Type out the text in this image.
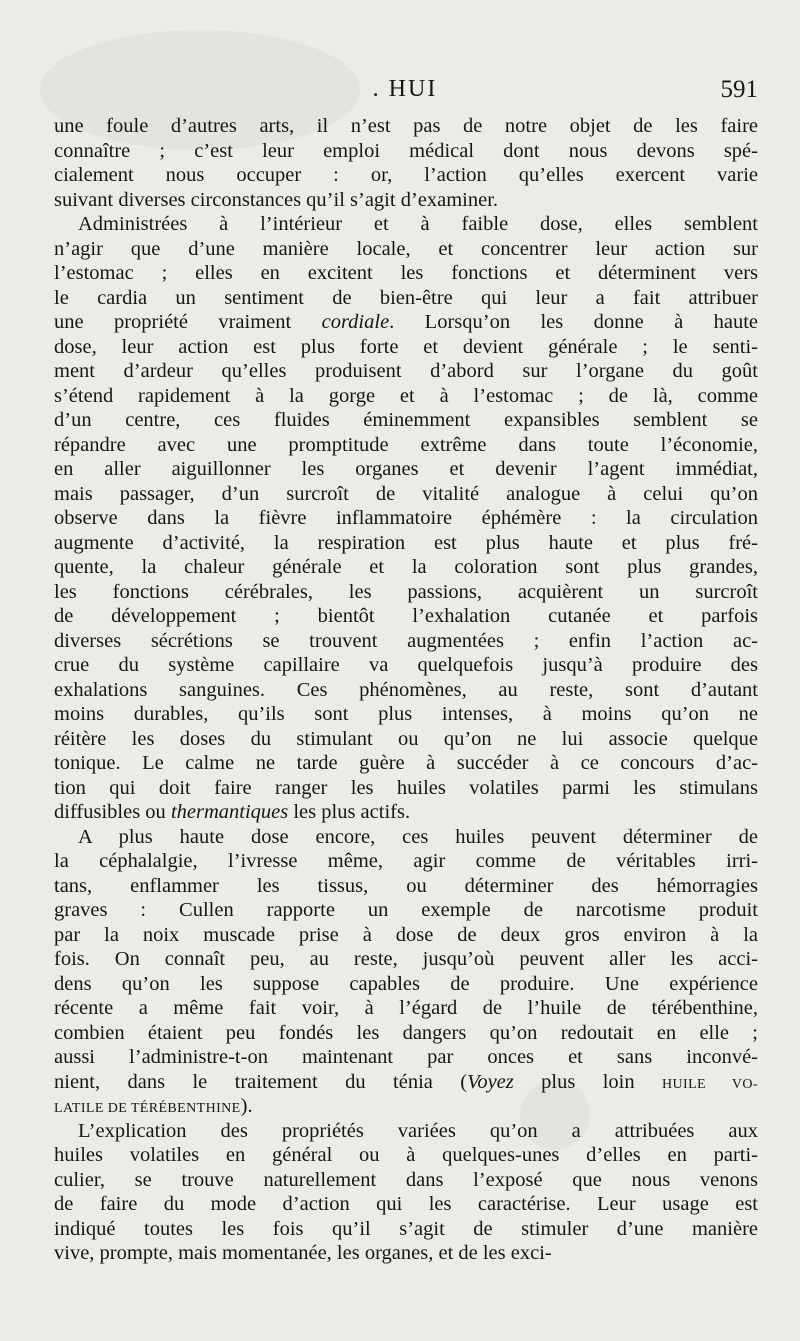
. HUI	591
une foule d’autres arts, il n’est pas de notre objet de les faire
connaître ; c’est leur emploi médical dont nous devons spé-
cialement nous occuper : or, l’action qu’elles exercent varie
suivant diverses circonstances qu’il s’agit d’examiner.
Administrées à l’intérieur et à faible dose, elles semblent
n’agir que d’une manière locale, et concentrer leur action sur
l’estomac ; elles en excitent les fonctions et déterminent vers
le cardia un sentiment de bien-être qui leur a fait attribuer
une propriété vraiment cordiale. Lorsqu’on les donne à haute
dose, leur action est plus forte et devient générale ; le senti-
ment d’ardeur qu’elles produisent d’abord sur l’organe du goût
s’étend rapidement à la gorge et à l’estomac ; de là, comme
d’un centre, ces fluides éminemment expansibles semblent se
répandre avec une promptitude extrême dans toute l’économie,
en aller aiguillonner les organes et devenir l’agent immédiat,
mais passager, d’un surcroît de vitalité analogue à celui qu’on
observe dans la fièvre inflammatoire éphémère : la circulation
augmente d’activité, la respiration est plus haute et plus fré-
quente, la chaleur générale et la coloration sont plus grandes,
les fonctions cérébrales, les passions, acquièrent un surcroît
de développement ; bientôt l’exhalation cutanée et parfois
diverses sécrétions se trouvent augmentées ; enfin l’action ac-
crue du système capillaire va quelquefois jusqu’à produire des
exhalations sanguines. Ces phénomènes, au reste, sont d’autant
moins durables, qu’ils sont plus intenses, à moins qu’on ne
réitère les doses du stimulant ou qu’on ne lui associe quelque
tonique. Le calme ne tarde guère à succéder à ce concours d’ac-
tion qui doit faire ranger les huiles volatiles parmi les stimulans
diffusibles ou thermantiques les plus actifs.
A plus haute dose encore, ces huiles peuvent déterminer de
la céphalalgie, l’ivresse même, agir comme de véritables irri-
tans, enflammer les tissus, ou déterminer des hémorragies
graves : Cullen rapporte un exemple de narcotisme produit
par la noix muscade prise à dose de deux gros environ à la
fois. On connaît peu, au reste, jusqu’où peuvent aller les acci-
dens qu’on les suppose capables de produire. Une expérience
récente a même fait voir, à l’égard de l’huile de térébenthine,
combien étaient peu fondés les dangers qu’on redoutait en elle ;
aussi l’administre-t-on maintenant par onces et sans inconvé-
nient, dans le traitement du ténia (Voyez plus loin HUILE VO-
LATILE DE TÉRÉBENTHINE).
L’explication des propriétés variées qu’on a attribuées aux
huiles volatiles en général ou à quelques-unes d’elles en parti-
culier, se trouve naturellement dans l’exposé que nous venons
de faire du mode d’action qui les caractérise. Leur usage est
indiqué toutes les fois qu’il s’agit de stimuler d’une manière
vive, prompte, mais momentanée, les organes, et de les exci-
